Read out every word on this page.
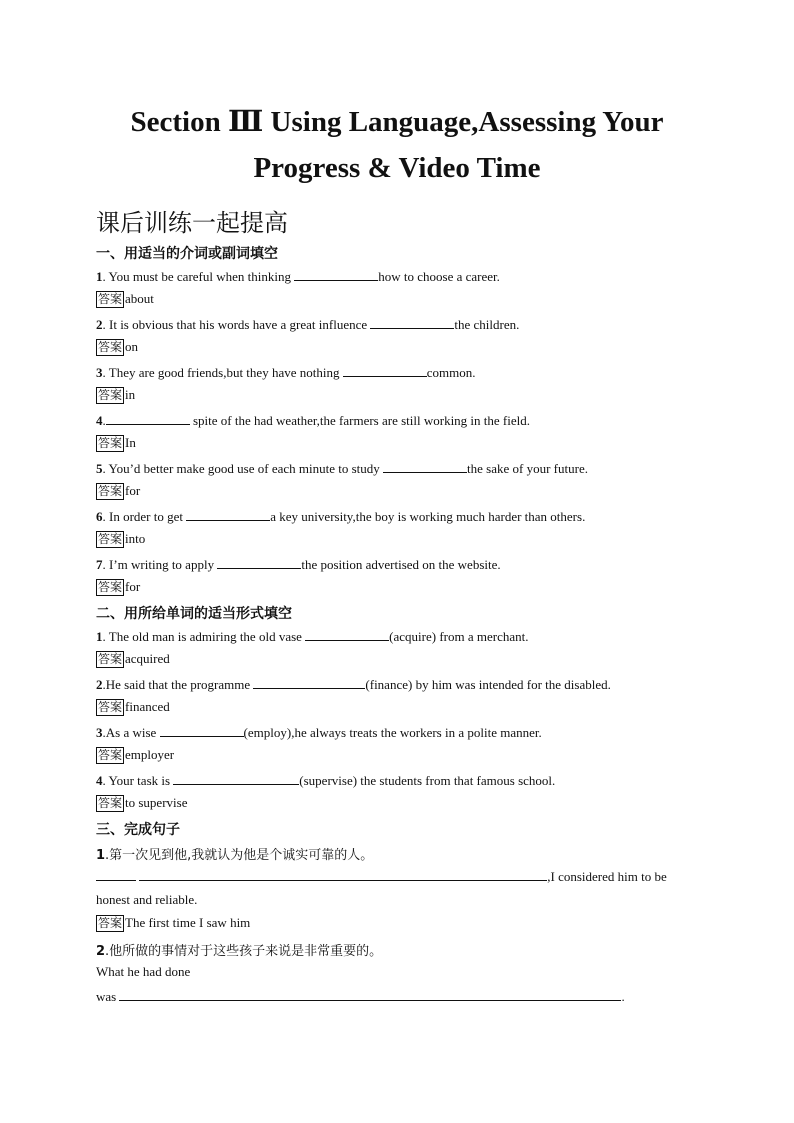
Section Ⅲ Using Language,Assessing Your
Progress & Video Time
课后训练一起提高
一、用适当的介词或副词填空
1. You must be careful when thinking	how to choose a career.
答案 about
2. It is obvious that his words have a great influence	the children.
答案 on
3. They are good friends,but they have nothing	common.
答案 in
4.	spite of the had weather,the farmers are still working in the field.
答案 In
5. You’d better make good use of each minute to study	the sake of your future.
答案 for
6. In order to get	a key university,the boy is working much harder than others.
答案 into
7. I’m writing to apply	the position advertised on the website.
答案 for
二、用所给单词的适当形式填空
1. The old man is admiring the old vase	(acquire) from a merchant.
答案 acquired
2.He said that the programme	(finance) by him was intended for the disabled.
答案 financed
3.As a wise	(employ),he always treats the workers in a polite manner.
答案 employer
4. Your task is	(supervise) the students from that famous school.
答案 to supervise
三、完成句子
1.第一次见到他,我就认为他是个诚实可靠的人。
,I considered him to be
honest and reliable.
答案 The first time I saw him
2.他所做的事情对于这些孩子来说是非常重要的。
What he had done
was	.
